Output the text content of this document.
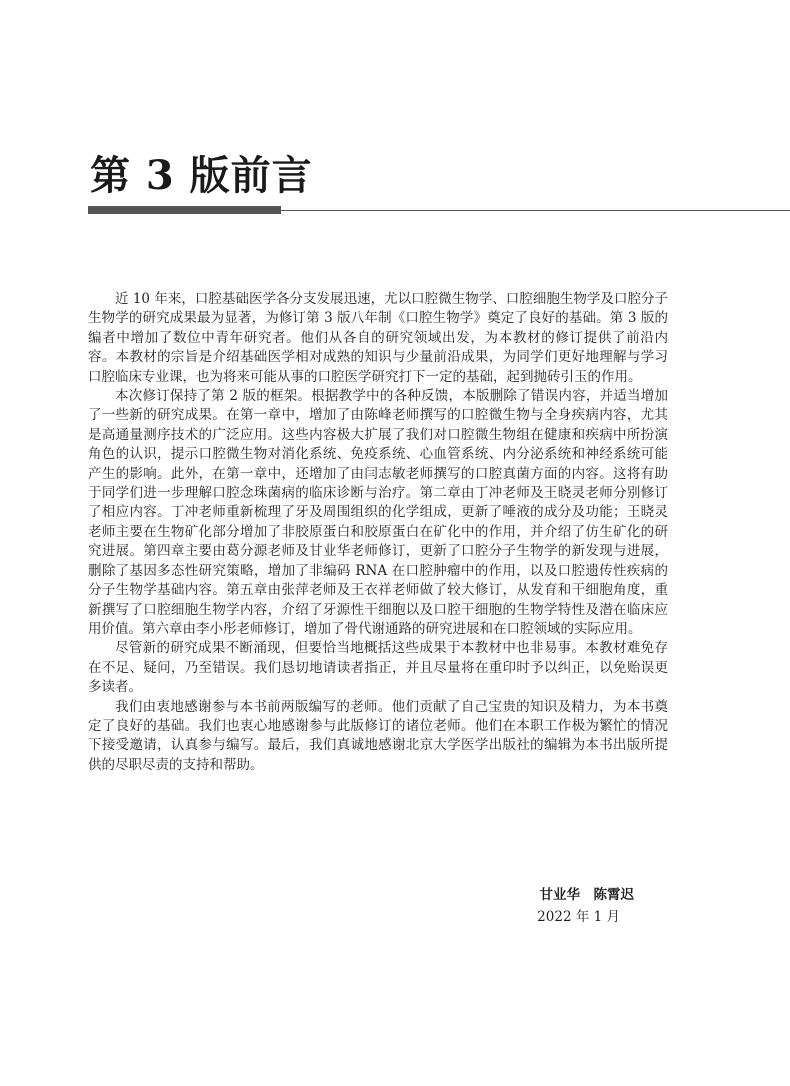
第 3 版前言

近 10 年来，口腔基础医学各分支发展迅速，尤以口腔微生物学、口腔细胞生物学及口腔分子生物学的研究成果最为显著，为修订第 3 版八年制《口腔生物学》奠定了良好的基础。第 3 版的编者中增加了数位中青年研究者。他们从各自的研究领域出发，为本教材的修订提供了前沿内容。本教材的宗旨是介绍基础医学相对成熟的知识与少量前沿成果，为同学们更好地理解与学习口腔临床专业课，也为将来可能从事的口腔医学研究打下一定的基础，起到抛砖引玉的作用。

本次修订保持了第 2 版的框架。根据教学中的各种反馈，本版删除了错误内容，并适当增加了一些新的研究成果。在第一章中，增加了由陈峰老师撰写的口腔微生物与全身疾病内容，尤其是高通量测序技术的广泛应用。这些内容极大扩展了我们对口腔微生物组在健康和疾病中所扮演角色的认识，提示口腔微生物对消化系统、免疫系统、心血管系统、内分泌系统和神经系统可能产生的影响。此外，在第一章中，还增加了由闫志敏老师撰写的口腔真菌方面的内容。这将有助于同学们进一步理解口腔念珠菌病的临床诊断与治疗。第二章由丁冲老师及王晓灵老师分别修订了相应内容。丁冲老师重新梳理了牙及周围组织的化学组成，更新了唾液的成分及功能；王晓灵老师主要在生物矿化部分增加了非胶原蛋白和胶原蛋白在矿化中的作用，并介绍了仿生矿化的研究进展。第四章主要由葛分源老师及甘业华老师修订，更新了口腔分子生物学的新发现与进展，删除了基因多态性研究策略，增加了非编码 RNA 在口腔肿瘤中的作用，以及口腔遗传性疾病的分子生物学基础内容。第五章由张萍老师及王衣祥老师做了较大修订，从发育和干细胞角度，重新撰写了口腔细胞生物学内容，介绍了牙源性干细胞以及口腔干细胞的生物学特性及潜在临床应用价值。第六章由李小彤老师修订，增加了骨代谢通路的研究进展和在口腔领域的实际应用。

尽管新的研究成果不断涌现，但要恰当地概括这些成果于本教材中也非易事。本教材难免存在不足、疑问，乃至错误。我们恳切地请读者指正，并且尽量将在重印时予以纠正，以免贻误更多读者。

我们由衷地感谢参与本书前两版编写的老师。他们贡献了自己宝贵的知识及精力，为本书奠定了良好的基础。我们也衷心地感谢参与此版修订的诸位老师。他们在本职工作极为繁忙的情况下接受邀请，认真参与编写。最后，我们真诚地感谢北京大学医学出版社的编辑为本书出版所提供的尽职尽责的支持和帮助。

甘业华　陈霄迟
2022 年 1 月
